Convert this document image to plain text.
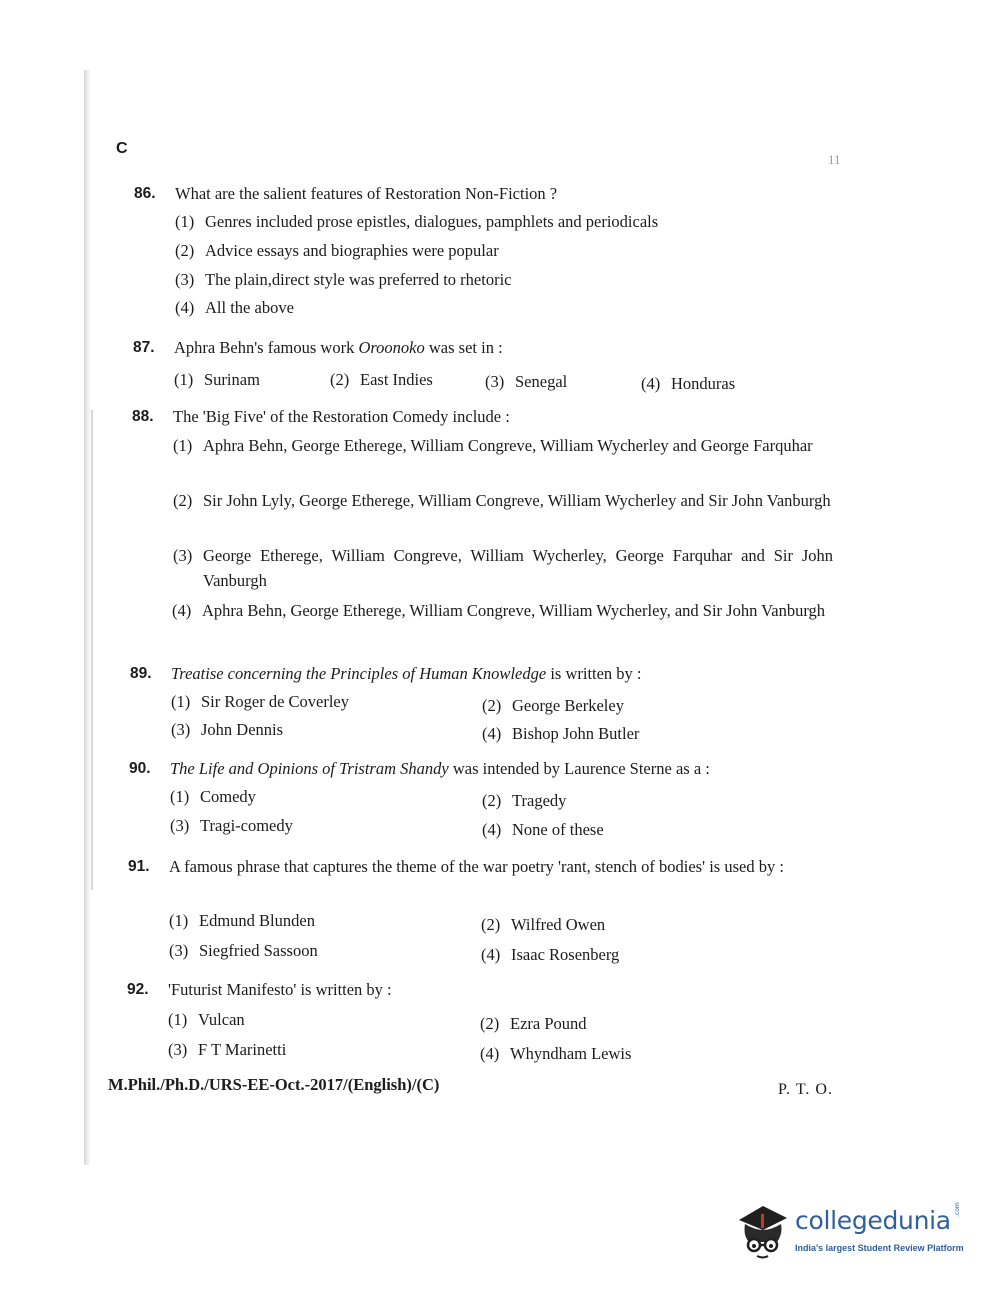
C
11
86.	What are the salient features of Restoration Non-Fiction ?
(1) Genres included prose epistles, dialogues, pamphlets and periodicals
(2) Advice essays and biographies were popular
(3) The plain,direct style was preferred to rhetoric
(4) All the above
87.	Aphra Behn's famous work Oroonoko was set in :
(1) Surinam	(2) East Indies	(3) Senegal	(4) Honduras
88.	The 'Big Five' of the Restoration Comedy include :
(1) Aphra Behn, George Etherege, William Congreve, William Wycherley and George Farquhar
(2) Sir John Lyly, George Etherege, William Congreve, William Wycherley and Sir John Vanburgh
(3) George Etherege, William Congreve, William Wycherley, George Farquhar and Sir John Vanburgh
(4) Aphra Behn, George Etherege, William Congreve, William Wycherley, and Sir John Vanburgh
89.	Treatise concerning the Principles of Human Knowledge is written by :
(1) Sir Roger de Coverley	(2) George Berkeley
(3) John Dennis	(4) Bishop John Butler
90.	The Life and Opinions of Tristram Shandy was intended by Laurence Sterne as a :
(1) Comedy	(2) Tragedy
(3) Tragi-comedy	(4) None of these
91.	A famous phrase that captures the theme of the war poetry 'rant, stench of bodies' is used by :
(1) Edmund Blunden	(2) Wilfred Owen
(3) Siegfried Sassoon	(4) Isaac Rosenberg
92.	'Futurist Manifesto' is written by :
(1) Vulcan	(2) Ezra Pound
(3) F T Marinetti	(4) Whyndham Lewis
M.Phil./Ph.D./URS-EE-Oct.-2017/(English)/(C)	P. T. O.
collegedunia .com
India's largest Student Review Platform
